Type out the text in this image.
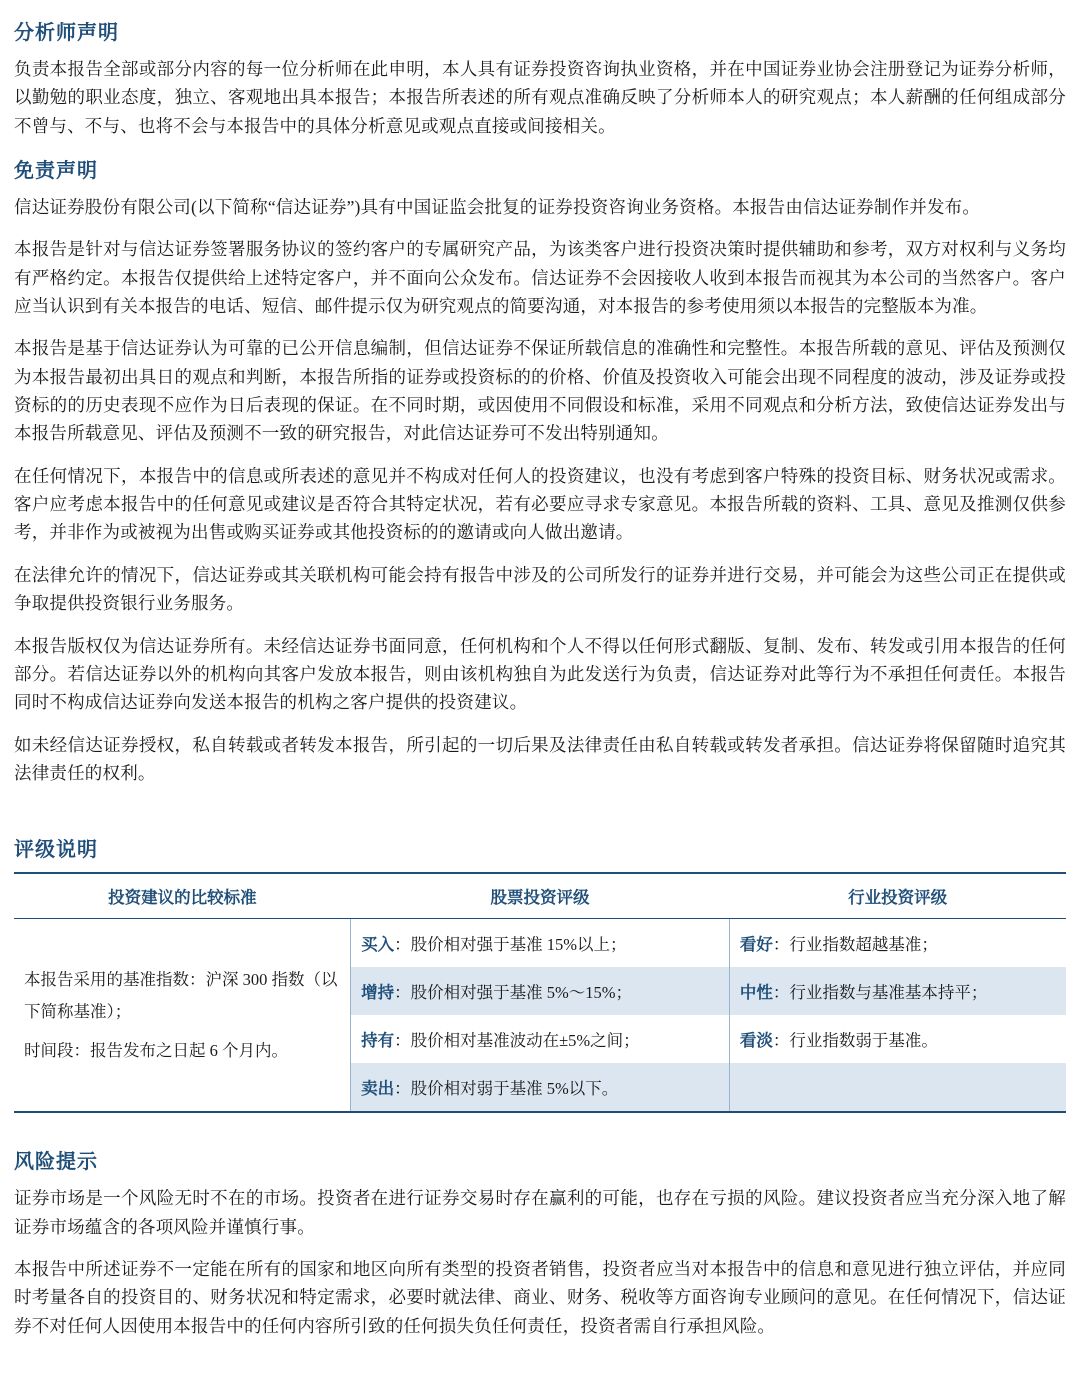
分析师声明

负责本报告全部或部分内容的每一位分析师在此申明，本人具有证券投资咨询执业资格，并在中国证券业协会注册登记为证券分析师，以勤勉的职业态度，独立、客观地出具本报告；本报告所表述的所有观点准确反映了分析师本人的研究观点；本人薪酬的任何组成部分不曾与、不与、也将不会与本报告中的具体分析意见或观点直接或间接相关。

免责声明

信达证券股份有限公司(以下简称“信达证券”)具有中国证监会批复的证券投资咨询业务资格。本报告由信达证券制作并发布。

本报告是针对与信达证券签署服务协议的签约客户的专属研究产品，为该类客户进行投资决策时提供辅助和参考，双方对权利与义务均有严格约定。本报告仅提供给上述特定客户，并不面向公众发布。信达证券不会因接收人收到本报告而视其为本公司的当然客户。客户应当认识到有关本报告的电话、短信、邮件提示仅为研究观点的简要沟通，对本报告的参考使用须以本报告的完整版本为准。

本报告是基于信达证券认为可靠的已公开信息编制，但信达证券不保证所载信息的准确性和完整性。本报告所载的意见、评估及预测仅为本报告最初出具日的观点和判断，本报告所指的证券或投资标的的价格、价值及投资收入可能会出现不同程度的波动，涉及证券或投资标的的历史表现不应作为日后表现的保证。在不同时期，或因使用不同假设和标准，采用不同观点和分析方法，致使信达证券发出与本报告所载意见、评估及预测不一致的研究报告，对此信达证券可不发出特别通知。

在任何情况下，本报告中的信息或所表述的意见并不构成对任何人的投资建议，也没有考虑到客户特殊的投资目标、财务状况或需求。客户应考虑本报告中的任何意见或建议是否符合其特定状况，若有必要应寻求专家意见。本报告所载的资料、工具、意见及推测仅供参考，并非作为或被视为出售或购买证券或其他投资标的的邀请或向人做出邀请。

在法律允许的情况下，信达证券或其关联机构可能会持有报告中涉及的公司所发行的证券并进行交易，并可能会为这些公司正在提供或争取提供投资银行业务服务。

本报告版权仅为信达证券所有。未经信达证券书面同意，任何机构和个人不得以任何形式翻版、复制、发布、转发或引用本报告的任何部分。若信达证券以外的机构向其客户发放本报告，则由该机构独自为此发送行为负责，信达证券对此等行为不承担任何责任。本报告同时不构成信达证券向发送本报告的机构之客户提供的投资建议。

如未经信达证券授权，私自转载或者转发本报告，所引起的一切后果及法律责任由私自转载或转发者承担。信达证券将保留随时追究其法律责任的权利。

评级说明
投资建议的比较标准	股票投资评级	行业投资评级

本报告采用的基准指数：沪深 300 指数（以下简称基准）；
时间段：报告发布之日起 6 个月内。	买入：股价相对强于基准 15%以上；	看好：行业指数超越基准；
	增持：股价相对强于基准 5%～15%；	中性：行业指数与基准基本持平；
	持有：股价相对基准波动在±5%之间；	看淡：行业指数弱于基准。
	卖出：股价相对弱于基准 5%以下。	
风险提示

证券市场是一个风险无时不在的市场。投资者在进行证券交易时存在赢利的可能，也存在亏损的风险。建议投资者应当充分深入地了解证券市场蕴含的各项风险并谨慎行事。

本报告中所述证券不一定能在所有的国家和地区向所有类型的投资者销售，投资者应当对本报告中的信息和意见进行独立评估，并应同时考量各自的投资目的、财务状况和特定需求，必要时就法律、商业、财务、税收等方面咨询专业顾问的意见。在任何情况下，信达证券不对任何人因使用本报告中的任何内容所引致的任何损失负任何责任，投资者需自行承担风险。
